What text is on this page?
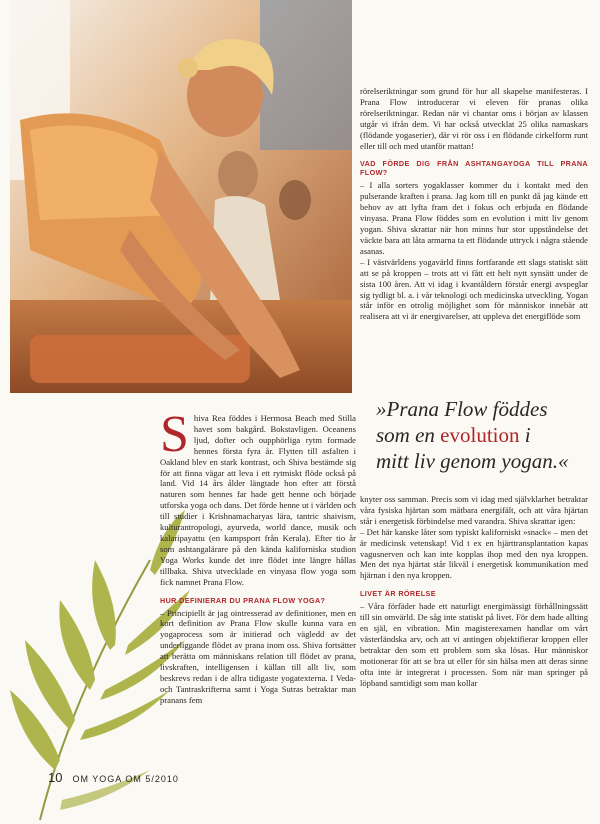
rörelseriktningar som grund för hur all skapelse manifesteras. I Prana Flow introducerar vi eleven för pranas olika rörelseriktningar. Redan när vi chantar oms i början av klassen utgår vi ifrån dem. Vi har också utvecklat 25 olika namaskars (flödande yogaserier), där vi rör oss i en flödande cirkelform runt eller till och med utanför mattan!

VAD FÖRDE DIG FRÅN ASHTANGAYOGA TILL PRANA FLOW?

– I alla sorters yogaklasser kommer du i kontakt med den pulserande kraften i prana. Jag kom till en punkt då jag kände ett behov av att lyfta fram det i fokus och erbjuda en flödande vinyasa. Prana Flow föddes som en evolution i mitt liv genom yogan. Shiva skrattar när hon minns hur stor uppståndelse det väckte bara att låta armarna ta ett flödande uttryck i några stående asanas.

– I västvärldens yogavärld finns fortfarande ett slags statiskt sätt att se på kroppen – trots att vi fått ett helt nytt synsätt under de sista 100 åren. Att vi idag i kvantåldern förstår energi avspeglar sig tydligt bl. a. i vår teknologi och medicinska utveckling. Yogan står inför en otrolig möjlighet som för människor innebär att realisera att vi är energivarelser, att uppleva det energiflöde som

»Prana Flow föddes
som en evolution i
mitt liv genom yogan.«

Shiva Rea föddes i Hermosa Beach med Stilla havet som bakgård. Bokstavligen. Oceanens ljud, dofter och oupphörliga rytm formade hennes första fyra år. Flytten till asfalten i Oakland blev en stark kontrast, och Shiva bestämde sig för att finna vägar att leva i ett rytmiskt flöde också på land. Vid 14 års ålder längtade hon efter att förstå naturen som hennes far hade gett henne och började utforska yoga och dans. Det förde henne ut i världen och till studier i Krishnamacharyas lära, tantric shaivism, kulturantropologi, ayurveda, world dance, musik och kalaripayattu (en kampsport från Kerala). Efter tio år som ashtangalärare på den kända kaliforniska studion Yoga Works kunde det inre flödet inte längre hållas tillbaka. Shiva utvecklade en vinyasa flow yoga som fick namnet Prana Flow.

HUR DEFINIERAR DU PRANA FLOW YOGA?

– Principiellt är jag ointresserad av definitioner, men en kort definition av Prana Flow skulle kunna vara en yogaprocess som är initierad och vägledd av det underliggande flödet av prana inom oss. Shiva fortsätter att berätta om människans relation till flödet av prana, livskraften, intelligensen i källan till allt liv, som beskrevs redan i de allra tidigaste yogatexterna. I Veda- och Tantraskrifterna samt i Yoga Sutras betraktar man pranans fem

knyter oss samman. Precis som vi idag med självklarhet betraktar våra fysiska hjärtan som mätbara energifält, och att våra hjärtan står i energetisk förbindelse med varandra. Shiva skrattar igen:

– Det här kanske låter som typiskt kaliforniskt »snack« – men det är medicinsk vetenskap! Vid t ex en hjärttransplantation kapas vagusnerven och kan inte kopplas ihop med den nya kroppen. Men det nya hjärtat står likväl i energetisk kommunikation med hjärnan i den nya kroppen.

LIVET ÄR RÖRELSE

– Våra förfäder hade ett naturligt energimässigt förhållningssätt till sin omvärld. De såg inte statiskt på livet. För dem hade allting en själ, en vibration. Min magisterexamen handlar om vårt västerländska arv, och att vi antingen objektifierar kroppen eller betraktar den som ett problem som ska lösas. Hur människor motionerar för att se bra ut eller för sin hälsa men att deras sinne ofta inte är integrerat i processen. Som när man springer på löpband samtidigt som man kollar

10 OM YOGA OM 5/2010
